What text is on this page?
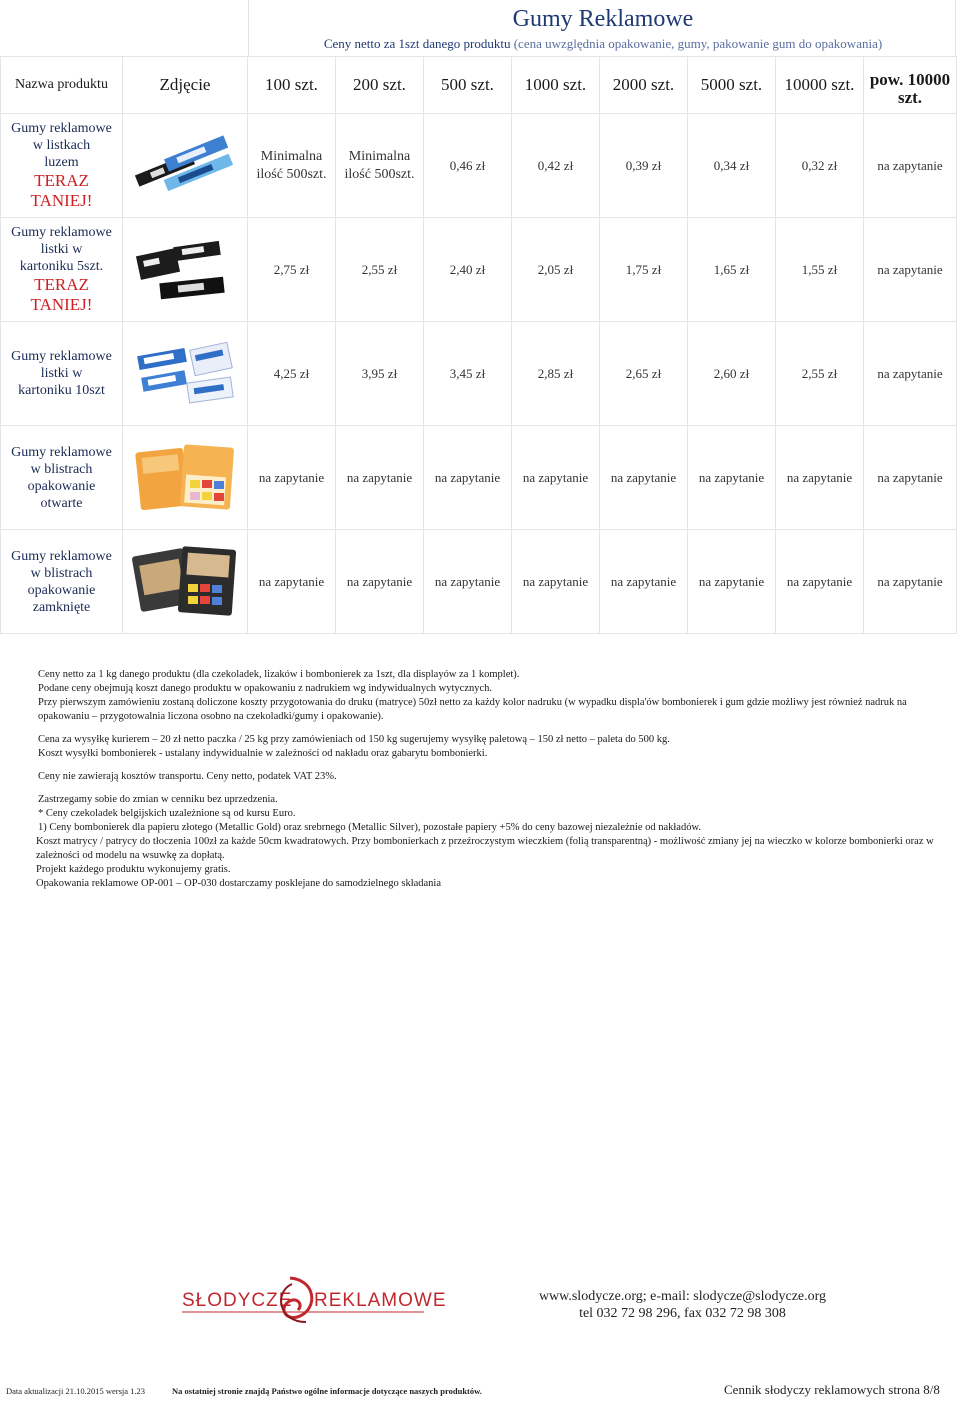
Gumy Reklamowe
Ceny netto za 1szt danego produktu (cena uwzględnia opakowanie, gumy, pakowanie gum do opakowania)
Nazwa produktu	Zdjęcie	100 szt.	200 szt.	500 szt.	1000 szt.	2000 szt.	5000 szt.	10000 szt.	pow. 10000 szt.
Gumy reklamowe
w listkach
luzem
TERAZ
TANIEJ!		Minimalna ilość 500szt.	Minimalna ilość 500szt.	0,46 zł	0,42 zł	0,39 zł	0,34 zł	0,32 zł	na zapytanie
Gumy reklamowe
listki w
kartoniku 5szt.
TERAZ
TANIEJ!		2,75 zł	2,55 zł	2,40 zł	2,05 zł	1,75 zł	1,65 zł	1,55 zł	na zapytanie
Gumy reklamowe
listki w
kartoniku 10szt		4,25 zł	3,95 zł	3,45 zł	2,85 zł	2,65 zł	2,60 zł	2,55 zł	na zapytanie
Gumy reklamowe
w blistrach
opakowanie
otwarte		na zapytanie	na zapytanie	na zapytanie	na zapytanie	na zapytanie	na zapytanie	na zapytanie	na zapytanie
Gumy reklamowe
w blistrach
opakowanie
zamknięte		na zapytanie	na zapytanie	na zapytanie	na zapytanie	na zapytanie	na zapytanie	na zapytanie	na zapytanie

Ceny netto za 1 kg danego produktu (dla czekoladek, lizaków i bombonierek za 1szt, dla displayów za 1 komplet).

Podane ceny obejmują koszt danego produktu w opakowaniu z nadrukiem wg indywidualnych wytycznych.

Przy pierwszym zamówieniu zostaną doliczone koszty przygotowania do druku (matryce) 50zł netto za każdy kolor nadruku (w wypadku displa'ów bombonierek i gum gdzie możliwy jest również nadruk na opakowaniu – przygotowalnia liczona osobno na czekoladki/gumy i opakowanie).

Cena za wysyłkę kurierem – 20 zł netto paczka / 25 kg przy zamówieniach od 150 kg sugerujemy wysyłkę paletową – 150 zł netto – paleta do 500 kg.

Koszt wysyłki bombonierek - ustalany indywidualnie w zależności od nakładu oraz gabarytu bombonierki.

Ceny nie zawierają kosztów transportu. Ceny netto, podatek VAT 23%.

Zastrzegamy sobie do zmian w cenniku bez uprzedzenia.

* Ceny czekoladek belgijskich uzależnione są od kursu Euro.

1) Ceny bombonierek dla papieru złotego (Metallic Gold) oraz srebrnego (Metallic Silver), pozostałe papiery +5% do ceny bazowej niezależnie od nakładów.

Koszt matrycy / patrycy do tłoczenia 100zł za każde 50cm kwadratowych. Przy bombonierkach z przeźroczystym wieczkiem (folią transparentną) - możliwość zmiany jej na wieczko w kolorze bombonierki oraz w zależności od modelu na wsuwkę za dopłatą.

Projekt każdego produktu wykonujemy gratis.

Opakowania reklamowe OP-001 – OP-030 dostarczamy posklejane do samodzielnego składania

SŁODYCZE REKLAMOWE	www.slodycze.org; e-mail: slodycze@slodycze.org
tel 032 72 98 296, fax 032 72 98 308
Data aktualizacji 21.10.2015 wersja 1.23	Na ostatniej stronie znajdą Państwo ogólne informacje dotyczące naszych produktów.	Cennik słodyczy reklamowych strona 8/8
